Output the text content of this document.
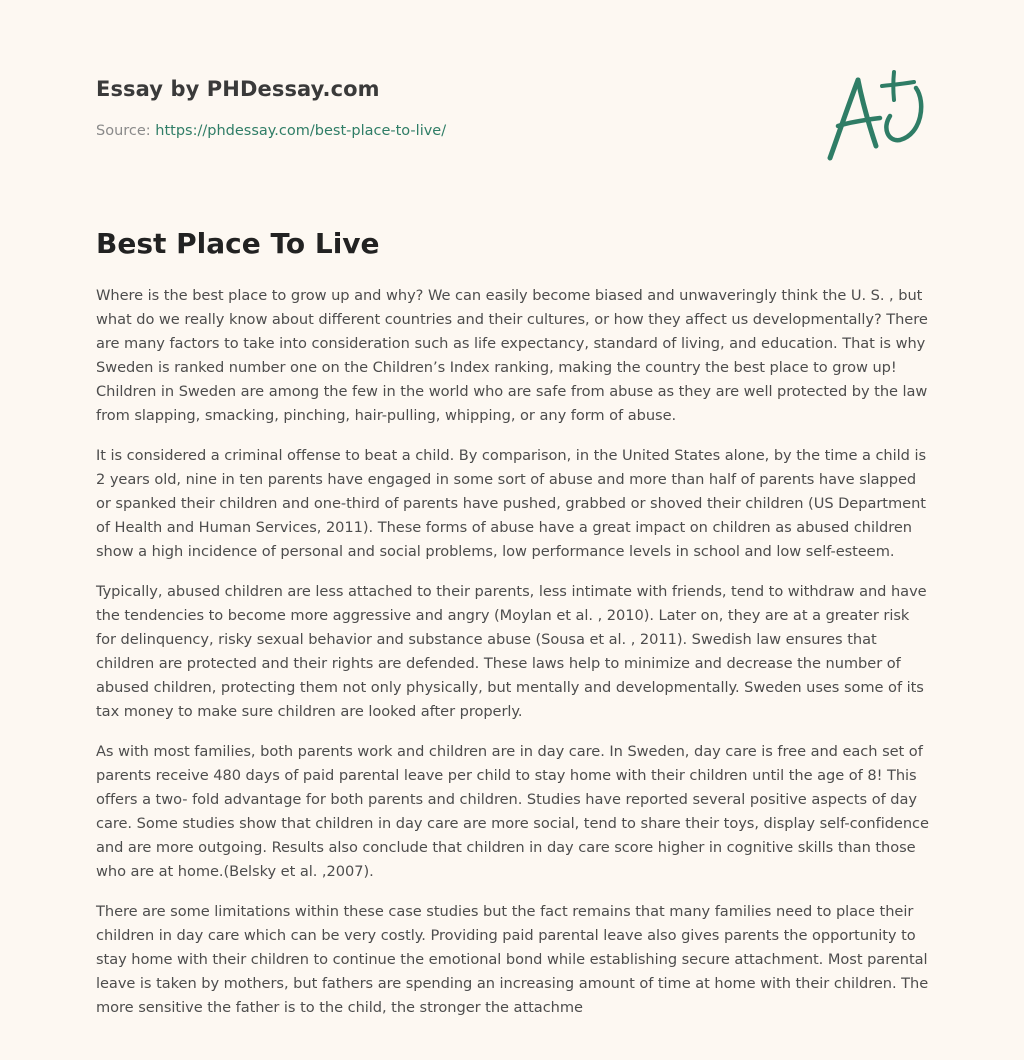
Essay by PHDessay.com
Source: https://phdessay.com/best-place-to-live/
Best Place To Live

Where is the best place to grow up and why? We can easily become biased and unwaveringly think the U. S. , but what do we really know about different countries and their cultures, or how they affect us developmentally? There are many factors to take into consideration such as life expectancy, standard of living, and education. That is why Sweden is ranked number one on the Children’s Index ranking, making the country the best place to grow up! Children in Sweden are among the few in the world who are safe from abuse as they are well protected by the law from slapping, smacking, pinching, hair-pulling, whipping, or any form of abuse.

It is considered a criminal offense to beat a child. By comparison, in the United States alone, by the time a child is 2 years old, nine in ten parents have engaged in some sort of abuse and more than half of parents have slapped or spanked their children and one-third of parents have pushed, grabbed or shoved their children (US Department of Health and Human Services, 2011). These forms of abuse have a great impact on children as abused children show a high incidence of personal and social problems, low performance levels in school and low self-esteem.

Typically, abused children are less attached to their parents, less intimate with friends, tend to withdraw and have the tendencies to become more aggressive and angry (Moylan et al. , 2010). Later on, they are at a greater risk for delinquency, risky sexual behavior and substance abuse (Sousa et al. , 2011). Swedish law ensures that children are protected and their rights are defended. These laws help to minimize and decrease the number of abused children, protecting them not only physically, but mentally and developmentally. Sweden uses some of its tax money to make sure children are looked after properly.

As with most families, both parents work and children are in day care. In Sweden, day care is free and each set of parents receive 480 days of paid parental leave per child to stay home with their children until the age of 8! This offers a two- fold advantage for both parents and children. Studies have reported several positive aspects of day care. Some studies show that children in day care are more social, tend to share their toys, display self-confidence and are more outgoing. Results also conclude that children in day care score higher in cognitive skills than those who are at home.(Belsky et al. ,2007).

There are some limitations within these case studies but the fact remains that many families need to place their children in day care which can be very costly. Providing paid parental leave also gives parents the opportunity to stay home with their children to continue the emotional bond while establishing secure attachment. Most parental leave is taken by mothers, but fathers are spending an increasing amount of time at home with their children. The more sensitive the father is to the child, the stronger the attachme
